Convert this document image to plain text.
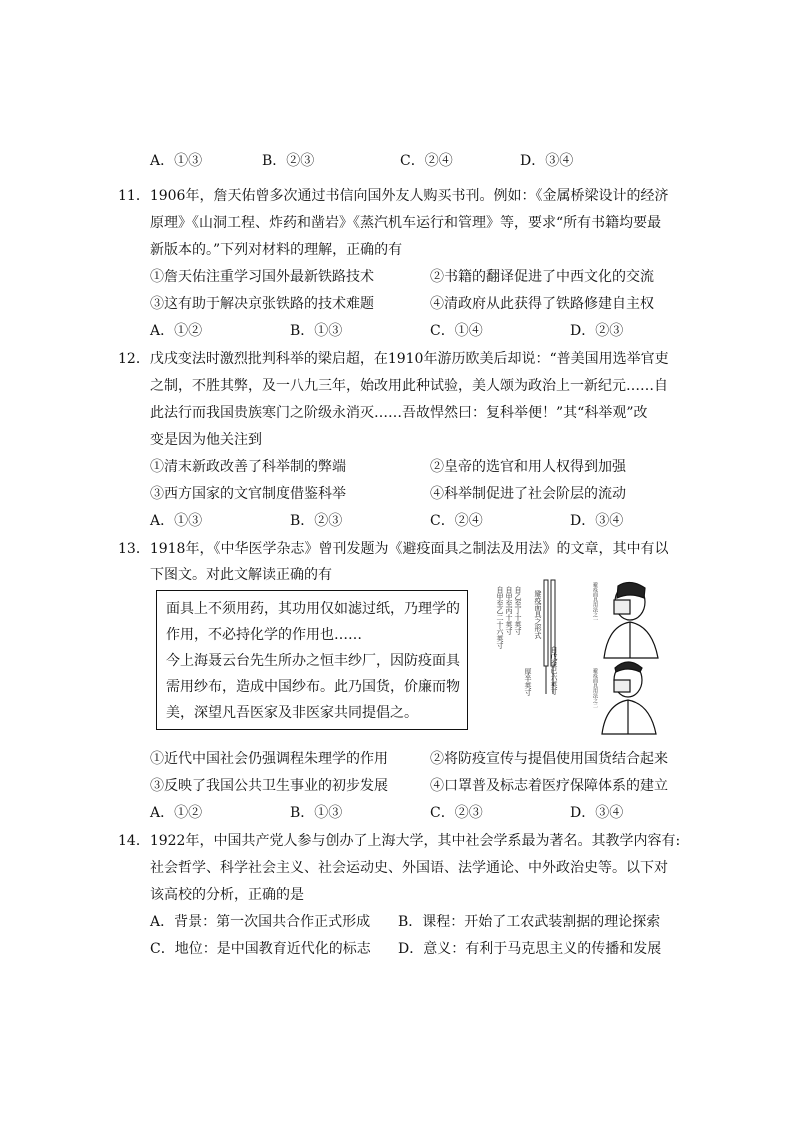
A．①③	B．②③	C．②④	D．③④
11．1906年，詹天佑曾多次通过书信向国外友人购买书刊。例如：《金属桥梁设计的经济
原理》《山洞工程、炸药和凿岩》《蒸汽机车运行和管理》等，要求“所有书籍均要最
新版本的。”下列对材料的理解，正确的有
①詹天佑注重学习国外最新铁路技术	②书籍的翻译促进了中西文化的交流
③这有助于解决京张铁路的技术难题	④清政府从此获得了铁路修建自主权
A．①②	B．①③	C．①④	D．②③
12．戊戌变法时激烈批判科举的梁启超，在1910年游历欧美后却说：“普美国用选举官吏
之制，不胜其弊，及一八九三年，始改用此种试验，美人颂为政治上一新纪元……自
此法行而我国贵族寒门之阶级永消灭……吾故悍然曰：复科举便！”其“科举观”改
变是因为他关注到
①清末新政改善了科举制的弊端	②皇帝的选官和用人权得到加强
③西方国家的文官制度借鉴科举	④科举制促进了社会阶层的流动
A．①③	B．②③	C．②④	D．③④
13．1918年，《中华医学杂志》曾刊发题为《避疫面具之制法及用法》的文章，其中有以
下图文。对此文解读正确的有
面具上不须用药，其功用仅如滤过纸，乃理学的
作用，不必持化学的作用也……
今上海聂云台先生所办之恒丰纱厂，因防疫面具
需用纱布，造成中国纱布。此乃国货，价廉而物
美，深望凡吾医家及非医家共同提倡之。
自甲至乙二十六英寸 自甲至丙十英寸 自乙至丁十英寸 避疫面具之形式
自戊至已六英寸
厚半英寸
避疫面具用法之一
避疫面具用法之二
①近代中国社会仍强调程朱理学的作用	②将防疫宣传与提倡使用国货结合起来
③反映了我国公共卫生事业的初步发展	④口罩普及标志着医疗保障体系的建立
A．①②	B．①③	C．②③	D．③④
14．1922年，中国共产党人参与创办了上海大学，其中社会学系最为著名。其教学内容有:
社会哲学、科学社会主义、社会运动史、外国语、法学通论、中外政治史等。以下对
该高校的分析，正确的是
A．背景：第一次国共合作正式形成 B．课程：开始了工农武装割据的理论探索
C．地位：是中国教育近代化的标志 D．意义：有利于马克思主义的传播和发展
